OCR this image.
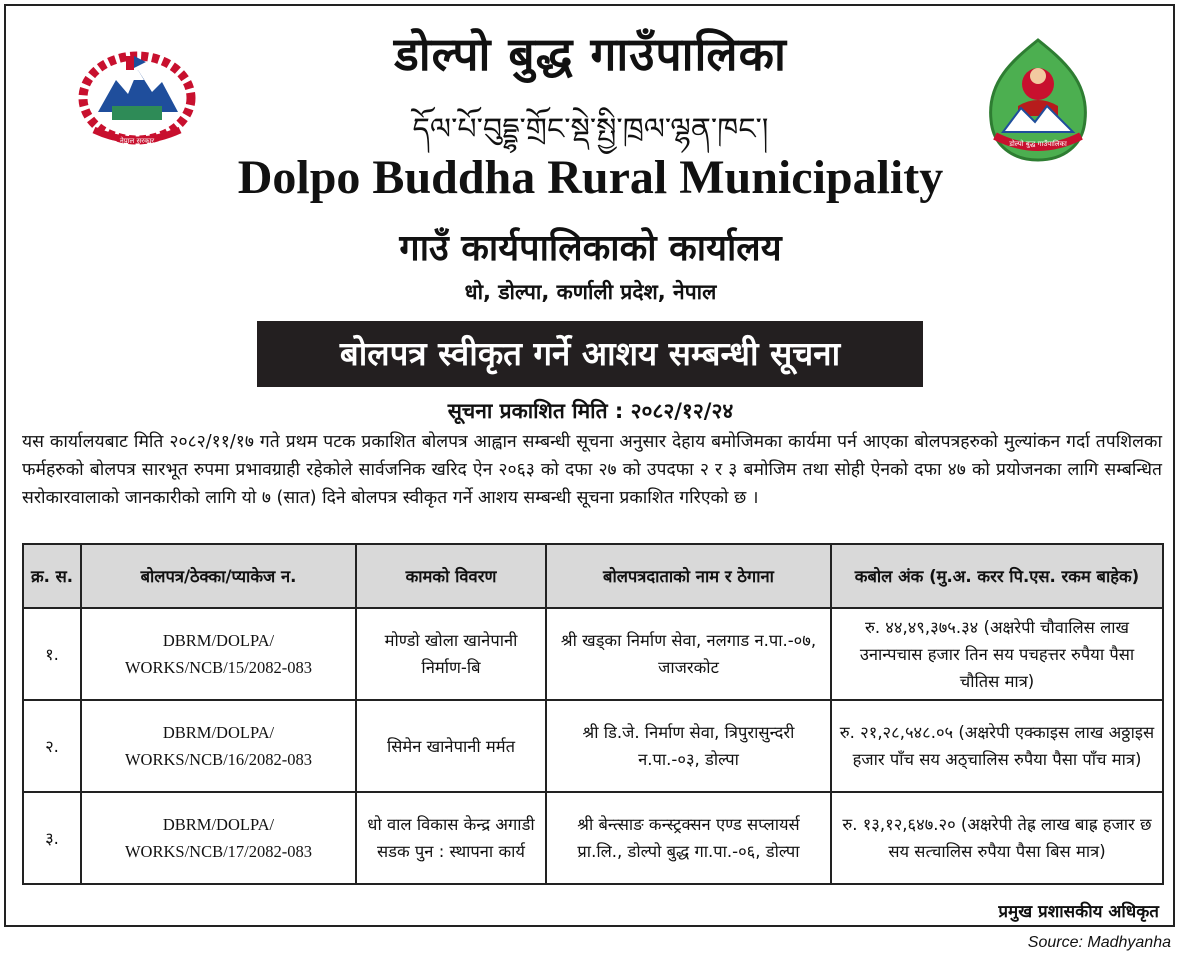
नेपाल सरकार	डोल्पो बुद्ध गाउँपालिका
डोल्पो बुद्ध गाउँपालिका
དོལ་པོ་བུདྡྷ་གྲོང་སྡེ་སྤྱི་ཁྲལ་ལྷན་ཁང་།
Dolpo Buddha Rural Municipality
गाउँ कार्यपालिकाको कार्यालय
धो, डोल्पा, कर्णाली प्रदेश, नेपाल
बोलपत्र स्वीकृत गर्ने आशय सम्बन्धी सूचना
सूचना प्रकाशित मिति : २०८२/१२/२४
यस कार्यालयबाट मिति २०८२/११/१७ गते प्रथम पटक प्रकाशित बोलपत्र आह्वान सम्बन्धी सूचना अनुसार देहाय बमोजिमका कार्यमा पर्न आएका बोलपत्रहरुको मुल्यांकन गर्दा तपशिलका फर्महरुको बोलपत्र सारभूत रुपमा प्रभावग्राही रहेकोले सार्वजनिक खरिद ऐन २०६३ को दफा २७ को उपदफा २ र ३ बमोजिम तथा सोही ऐनको दफा ४७ को प्रयोजनका लागि सम्बन्धित सरोकारवालाको जानकारीको लागि यो ७ (सात) दिने बोलपत्र स्वीकृत गर्ने आशय सम्बन्धी सूचना प्रकाशित गरिएको छ ।
क्र. स.	बोलपत्र/ठेक्का/प्याकेज न.	कामको विवरण	बोलपत्रदाताको नाम र ठेगाना	कबोल अंक (मु.अ. करर पि.एस. रकम बाहेक)
१.	DBRM/DOLPA/ WORKS/NCB/15/2082-083	मोण्डो खोला खानेपानी निर्माण-बि	श्री खड्का निर्माण सेवा, नलगाड न.पा.-०७, जाजरकोट	रु. ४४,४९,३७५.३४ (अक्षरेपी चौवालिस लाख उनान्पचास हजार तिन सय पचहत्तर रुपैया पैसा चौतिस मात्र)
२.	DBRM/DOLPA/ WORKS/NCB/16/2082-083	सिमेन खानेपानी मर्मत	श्री डि.जे. निर्माण सेवा, त्रिपुरासुन्दरी न.पा.-०३, डोल्पा	रु. २१,२८,५४८.०५ (अक्षरेपी एक्काइस लाख अठ्ठाइस हजार पाँच सय अठ्चालिस रुपैया पैसा पाँच मात्र)
३.	DBRM/DOLPA/ WORKS/NCB/17/2082-083	धो वाल विकास केन्द्र अगाडी सडक पुन : स्थापना कार्य	श्री बेन्त्साङ कन्स्ट्रक्सन एण्ड सप्लायर्स प्रा.लि., डोल्पो बुद्ध गा.पा.-०६, डोल्पा	रु. १३,१२,६४७.२० (अक्षरेपी तेह्र लाख बाह्र हजार छ सय सत्चालिस रुपैया पैसा बिस मात्र)
प्रमुख प्रशासकीय अधिकृत
Source: Madhyanha
